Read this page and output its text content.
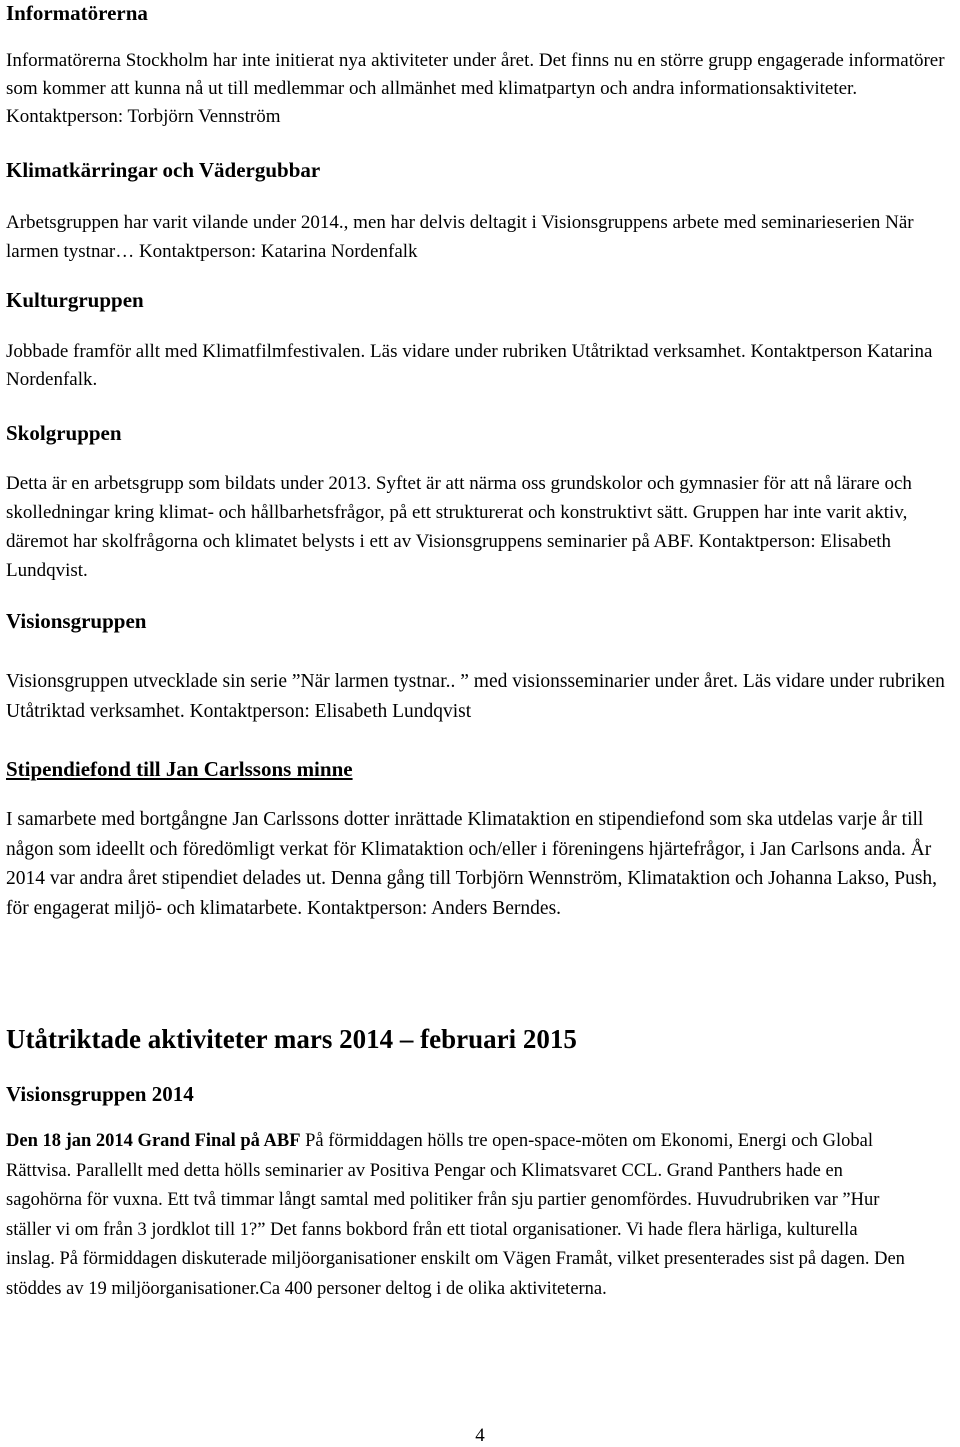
Informatörerna

Informatörerna Stockholm har inte initierat nya aktiviteter under året. Det finns nu en större grupp engagerade informatörer som kommer att kunna nå ut till medlemmar och allmänhet med klimatpartyn och andra informationsaktiviteter. Kontaktperson: Torbjörn Vennström

Klimatkärringar och Vädergubbar

Arbetsgruppen har varit vilande under 2014., men har delvis deltagit i Visionsgruppens arbete med seminarieserien När larmen tystnar… Kontaktperson: Katarina Nordenfalk

Kulturgruppen

Jobbade framför allt med Klimatfilmfestivalen. Läs vidare under rubriken Utåtriktad verksamhet. Kontaktperson Katarina Nordenfalk.

Skolgruppen

Detta är en arbetsgrupp som bildats under 2013. Syftet är att närma oss grundskolor och gymnasier för att nå lärare och skolledningar kring klimat- och hållbarhetsfrågor, på ett strukturerat och konstruktivt sätt. Gruppen har inte varit aktiv, däremot har skolfrågorna och klimatet belysts i ett av Visionsgruppens seminarier på ABF. Kontaktperson: Elisabeth Lundqvist.

Visionsgruppen

Visionsgruppen utvecklade sin serie ”När larmen tystnar.. ” med visionsseminarier under året. Läs vidare under rubriken Utåtriktad verksamhet. Kontaktperson: Elisabeth Lundqvist

Stipendiefond till Jan Carlssons minne

I samarbete med bortgångne Jan Carlssons dotter inrättade Klimataktion en stipendiefond som ska utdelas varje år till någon som ideellt och föredömligt verkat för Klimataktion och/eller i föreningens hjärtefrågor, i Jan Carlsons anda. År 2014 var andra året stipendiet delades ut. Denna gång till Torbjörn Wennström, Klimataktion och Johanna Lakso, Push, för engagerat miljö- och klimatarbete. Kontaktperson: Anders Berndes.

Utåtriktade aktiviteter mars 2014 – februari 2015
Visionsgruppen 2014

Den 18 jan 2014 Grand Final på ABF På förmiddagen hölls tre open-space-möten om Ekonomi, Energi och Global Rättvisa. Parallellt med detta hölls seminarier av Positiva Pengar och Klimatsvaret CCL. Grand Panthers hade en sagohörna för vuxna. Ett två timmar långt samtal med politiker från sju partier genomfördes. Huvudrubriken var ”Hur ställer vi om från 3 jordklot till 1?” Det fanns bokbord från ett tiotal organisationer. Vi hade flera härliga, kulturella inslag. På förmiddagen diskuterade miljöorganisationer enskilt om Vägen Framåt, vilket presenterades sist på dagen. Den stöddes av 19 miljöorganisationer.Ca 400 personer deltog i de olika aktiviteterna.

4
